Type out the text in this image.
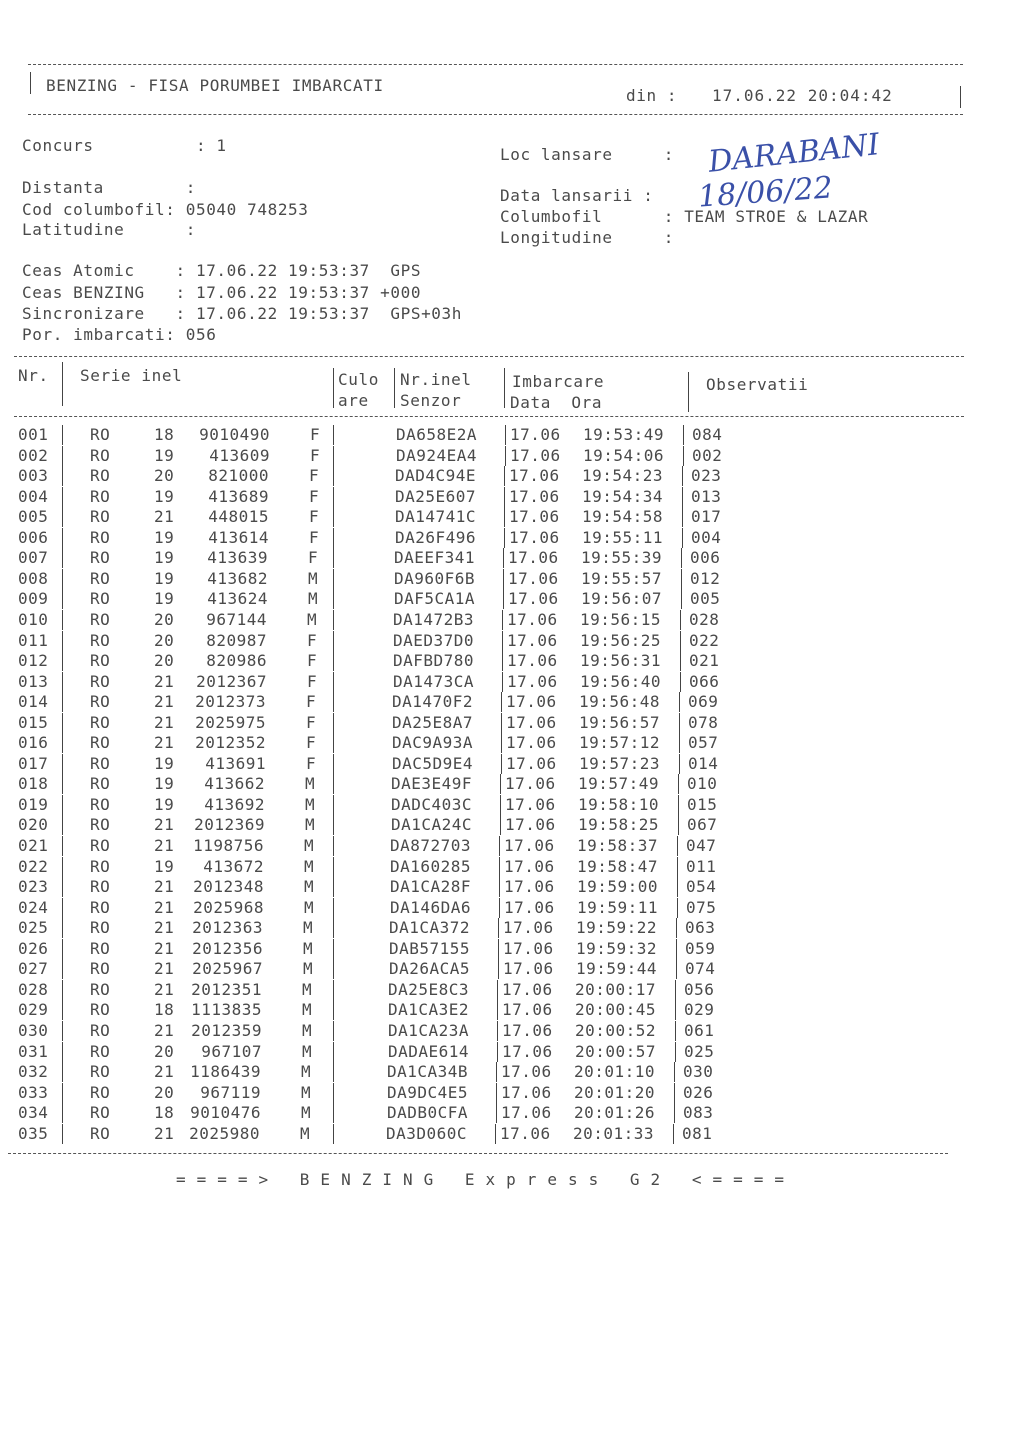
BENZING - FISA PORUMBEI IMBARCATI
din : 17.06.22 20:04:42
Concurs          : 1
Distanta        :
Cod columbofil: 05040 748253
Latitudine      :
Loc lansare     :
Data lansarii :
Columbofil      : TEAM STROE & LAZAR
Longitudine     :
DARABANI
18/06/22
Ceas Atomic    : 17.06.22 19:53:37  GPS
Ceas BENZING   : 17.06.22 19:53:37 +000
Sincronizare   : 17.06.22 19:53:37  GPS+03h
Por. imbarcati: 056
Nr. Serie inel	Culo
are
Nr.inel
Senzor
Imbarcare
Data  Ora
Observatii
001	RO	18 9010490	F	DA658E2A 17.06 19:53:49 084
002	RO	19 413609	F	DA924EA4 17.06 19:54:06 002
003	RO	20 821000	F	DAD4C94E 17.06 19:54:23 023
004	RO	19 413689	F	DA25E607 17.06 19:54:34 013
005	RO	21 448015	F	DA14741C 17.06 19:54:58 017
006	RO	19 413614	F	DA26F496 17.06 19:55:11 004
007	RO	19 413639	F	DAEEF341 17.06 19:55:39 006
008	RO	19 413682	M	DA960F6B 17.06 19:55:57 012
009	RO	19 413624	M	DAF5CA1A 17.06 19:56:07 005
010	RO	20 967144	M	DA1472B3 17.06 19:56:15 028
011	RO	20 820987	F	DAED37D0 17.06 19:56:25 022
012	RO	20 820986	F	DAFBD780 17.06 19:56:31 021
013	RO	21 2012367	F	DA1473CA 17.06 19:56:40 066
014	RO	21 2012373	F	DA1470F2 17.06 19:56:48 069
015	RO	21 2025975	F	DA25E8A7 17.06 19:56:57 078
016	RO	21 2012352	F	DAC9A93A 17.06 19:57:12 057
017	RO	19 413691	F	DAC5D9E4 17.06 19:57:23 014
018	RO	19 413662	M	DAE3E49F 17.06 19:57:49 010
019	RO	19 413692	M	DADC403C 17.06 19:58:10 015
020	RO	21 2012369	M	DA1CA24C 17.06 19:58:25 067
021	RO	21 1198756	M	DA872703 17.06 19:58:37 047
022	RO	19 413672	M	DA160285 17.06 19:58:47 011
023	RO	21 2012348	M	DA1CA28F 17.06 19:59:00 054
024	RO	21 2025968	M	DA146DA6 17.06 19:59:11 075
025	RO	21 2012363	M	DA1CA372 17.06 19:59:22 063
026	RO	21 2012356	M	DAB57155 17.06 19:59:32 059
027	RO	21 2025967	M	DA26ACA5 17.06 19:59:44 074
028	RO	21 2012351	M	DA25E8C3 17.06 20:00:17 056
029	RO	18 1113835	M	DA1CA3E2 17.06 20:00:45 029
030	RO	21 2012359	M	DA1CA23A 17.06 20:00:52 061
031	RO	20 967107	M	DADAE614 17.06 20:00:57 025
032	RO	21 1186439	M	DA1CA34B 17.06 20:01:10 030
033	RO	20 967119	M	DA9DC4E5 17.06 20:01:20 026
034	RO	18 9010476	M	DADB0CFA 17.06 20:01:26 083
035	RO	21 2025980	M	DA3D060C 17.06 20:01:33 081
====> BENZING Express G2 <====
